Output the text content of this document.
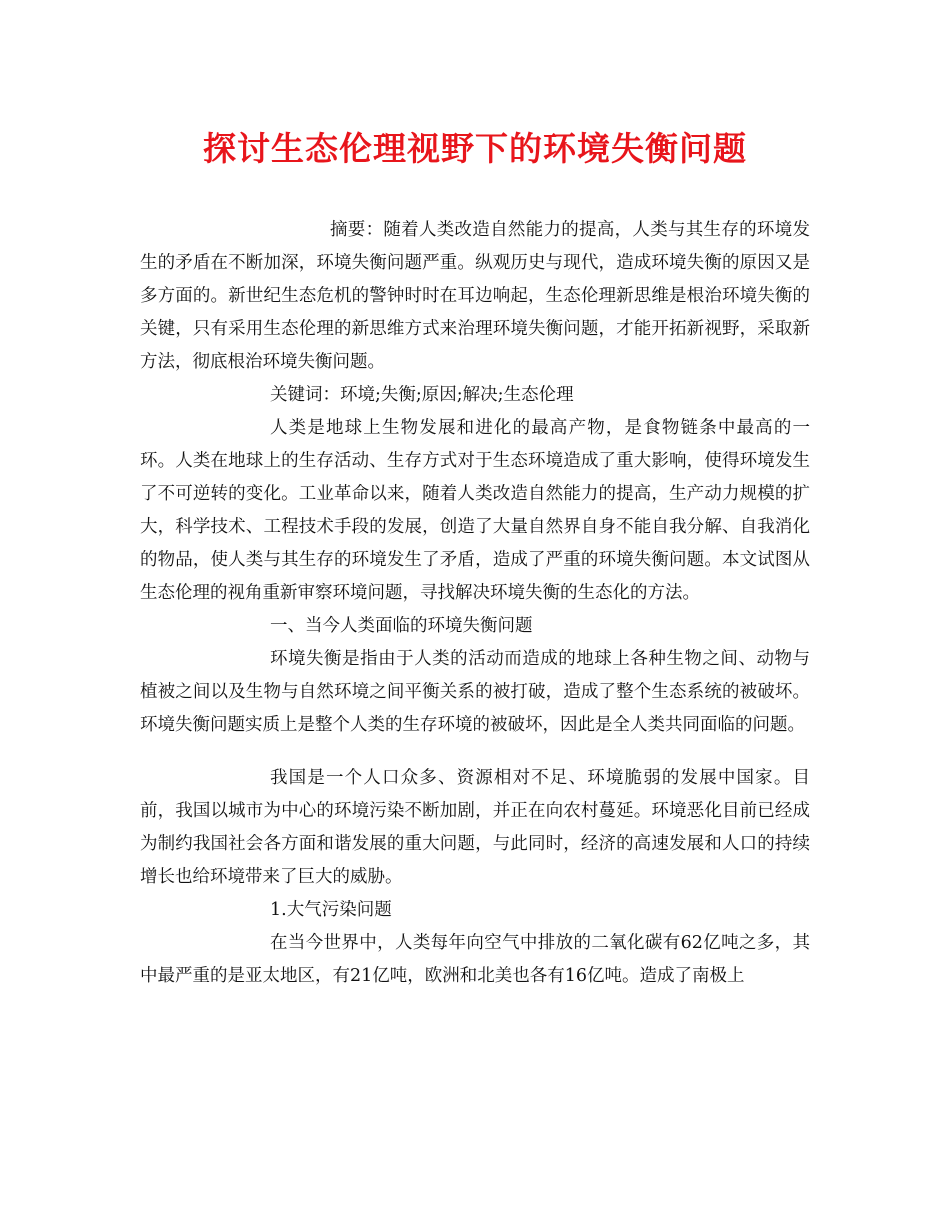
探讨生态伦理视野下的环境失衡问题

摘要：随着人类改造自然能力的提高，人类与其生存的环境发生的矛盾在不断加深，环境失衡问题严重。纵观历史与现代，造成环境失衡的原因又是多方面的。新世纪生态危机的警钟时时在耳边响起，生态伦理新思维是根治环境失衡的关键，只有采用生态伦理的新思维方式来治理环境失衡问题，才能开拓新视野，采取新方法，彻底根治环境失衡问题。

关键词：环境;失衡;原因;解决;生态伦理

人类是地球上生物发展和进化的最高产物，是食物链条中最高的一环。人类在地球上的生存活动、生存方式对于生态环境造成了重大影响，使得环境发生了不可逆转的变化。工业革命以来，随着人类改造自然能力的提高，生产动力规模的扩大，科学技术、工程技术手段的发展，创造了大量自然界自身不能自我分解、自我消化的物品，使人类与其生存的环境发生了矛盾，造成了严重的环境失衡问题。本文试图从生态伦理的视角重新审察环境问题，寻找解决环境失衡的生态化的方法。

一、当今人类面临的环境失衡问题

环境失衡是指由于人类的活动而造成的地球上各种生物之间、动物与植被之间以及生物与自然环境之间平衡关系的被打破，造成了整个生态系统的被破坏。环境失衡问题实质上是整个人类的生存环境的被破坏，因此是全人类共同面临的问题。

我国是一个人口众多、资源相对不足、环境脆弱的发展中国家。目前，我国以城市为中心的环境污染不断加剧，并正在向农村蔓延。环境恶化目前已经成为制约我国社会各方面和谐发展的重大问题，与此同时，经济的高速发展和人口的持续增长也给环境带来了巨大的威胁。

1.大气污染问题

在当今世界中，人类每年向空气中排放的二氧化碳有62亿吨之多，其中最严重的是亚太地区，有21亿吨，欧洲和北美也各有16亿吨。造成了南极上
